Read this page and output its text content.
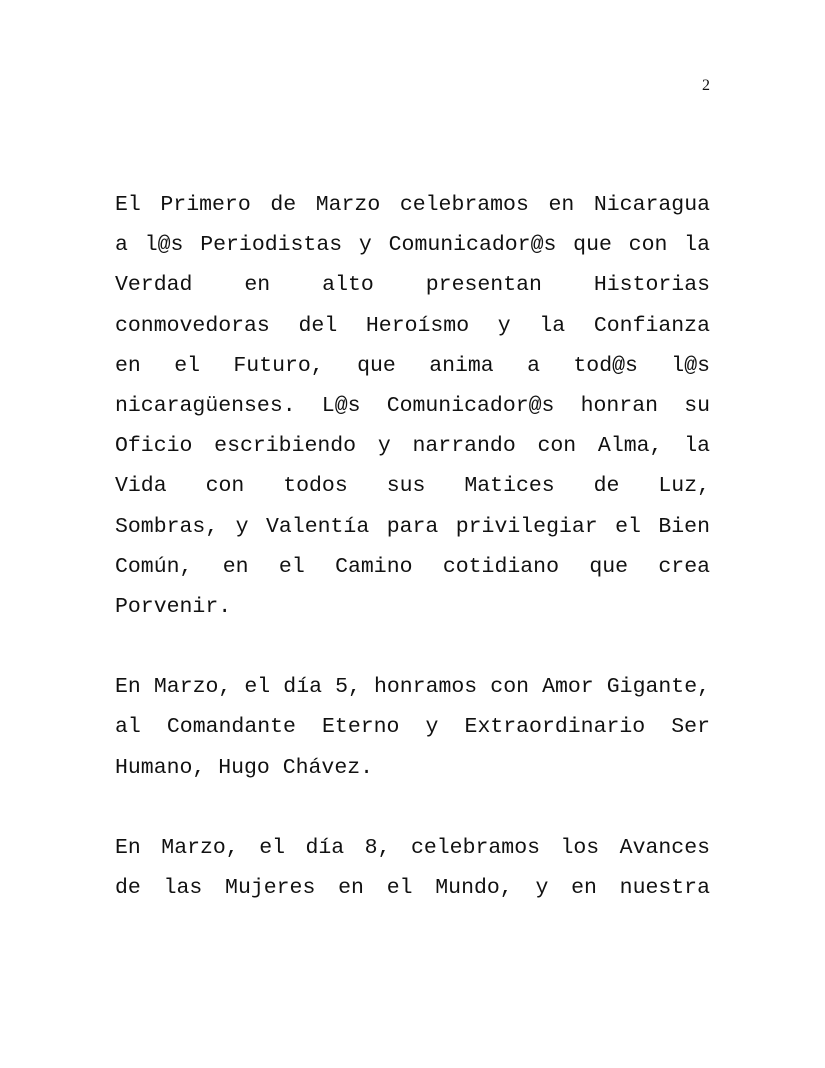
2

El Primero de Marzo celebramos en Nicaragua
a l@s Periodistas y Comunicador@s que con la
Verdad en alto presentan Historias
conmovedoras del Heroísmo y la Confianza
en el Futuro, que anima a tod@s l@s
nicaragüenses. L@s Comunicador@s honran su
Oficio escribiendo y narrando con Alma, la
Vida con todos sus Matices de Luz,
Sombras, y Valentía para privilegiar el Bien
Común, en el Camino cotidiano que crea
Porvenir.

En Marzo, el día 5, honramos con Amor Gigante,
al Comandante Eterno y Extraordinario Ser
Humano, Hugo Chávez.

En Marzo, el día 8, celebramos los Avances
de las Mujeres en el Mundo, y en nuestra
